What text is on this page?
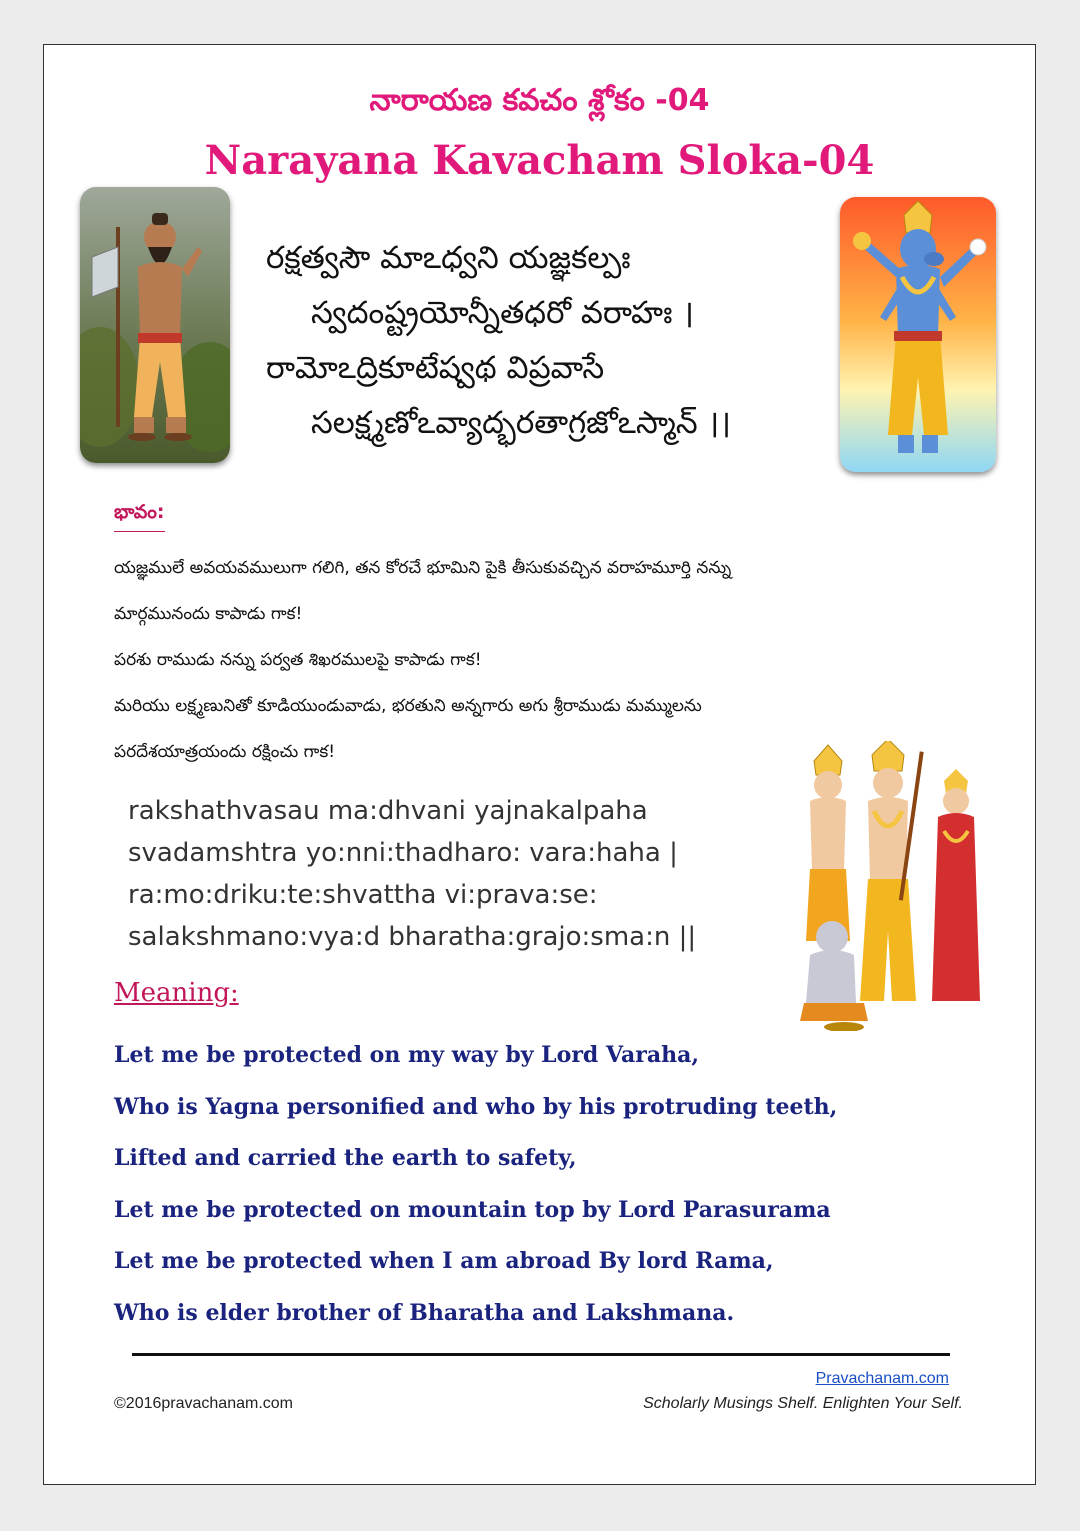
నారాయణ కవచం శ్లోకం -04
Narayana Kavacham Sloka-04
రక్షత్వసౌ మాఽధ్వని యజ్ఞకల్పః
స్వదంష్ట్రయోన్నీతధరో వరాహః ।
రామోఽద్రికూటేష్వథ విప్రవాసే
సలక్ష్మణోఽవ్యాద్భరతాగ్రజోఽస్మాన్ ।।
భావం:
యజ్ఞములే అవయవములుగా గలిగి, తన కోరచే భూమిని పైకి తీసుకువచ్చిన వరాహమూర్తి నన్ను
మార్గమునందు కాపాడు గాక!
పరశు రాముడు నన్ను పర్వత శిఖరములపై కాపాడు గాక!
మరియు లక్ష్మణునితో కూడియుండువాడు, భరతుని అన్నగారు అగు శ్రీరాముడు మమ్ములను
పరదేశయాత్రయందు రక్షించు గాక!
rakshathvasau ma:dhvani yajnakalpaha
svadamshtra yo:nni:thadharo: vara:haha |
ra:mo:driku:te:shvattha vi:prava:se:
salakshmano:vya:d bharatha:grajo:sma:n ||
Meaning:
Let me be protected on my way by Lord Varaha,
Who is Yagna personified and who by his protruding teeth,
Lifted and carried the earth to safety,
Let me be protected on mountain top by Lord Parasurama
Let me be protected when I am abroad By lord Rama,
Who is elder brother of Bharatha and Lakshmana.
Pravachanam.com
©2016pravachanam.com	Scholarly Musings Shelf. Enlighten Your Self.
